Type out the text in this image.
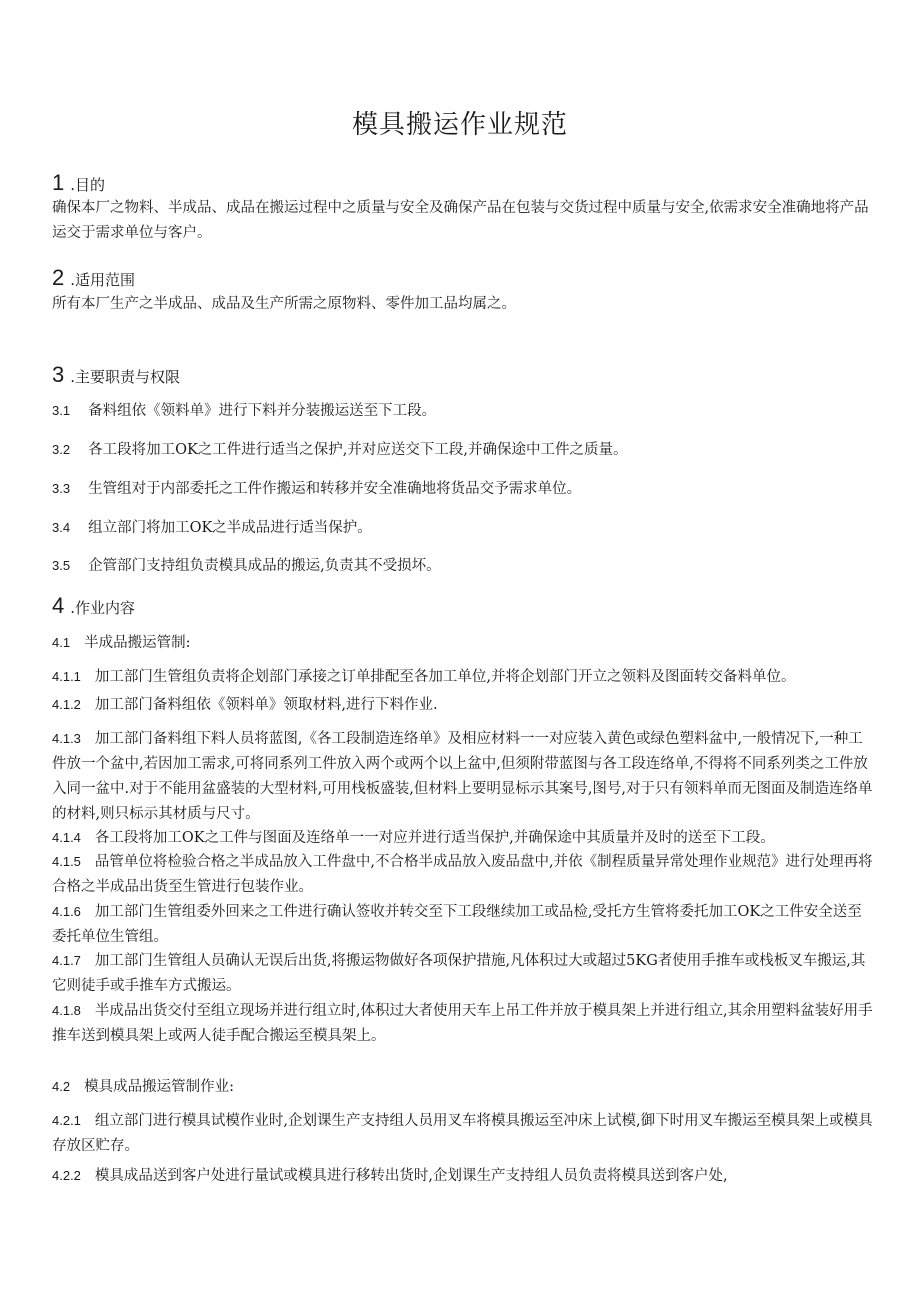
模具搬运作业规范
1 .目的
确保本厂之物料、半成品、成品在搬运过程中之质量与安全及确保产品在包装与交货过程中质量与安全,依需求安全准确地将产品运交于需求单位与客户。
2 .适用范围
所有本厂生产之半成品、成品及生产所需之原物料、零件加工品均属之。
3 .主要职责与权限
3.1 备料组依《领料单》进行下料并分装搬运送至下工段。
3.2 各工段将加工OK之工件进行适当之保护,并对应送交下工段,并确保途中工件之质量。
3.3 生管组对于内部委托之工件作搬运和转移并安全准确地将货品交予需求单位。
3.4 组立部门将加工OK之半成品进行适当保护。
3.5 企管部门支持组负责模具成品的搬运,负责其不受损坏。
4 .作业内容
4.1 半成品搬运管制:
4.1.1 加工部门生管组负责将企划部门承接之订单排配至各加工单位,并将企划部门开立之领料及图面转交备料单位。
4.1.2 加工部门备料组依《领料单》领取材料,进行下料作业.
4.1.3 加工部门备料组下料人员将蓝图,《各工段制造连络单》及相应材料一一对应装入黄色或绿色塑料盆中,一般情况下,一种工件放一个盆中,若因加工需求,可将同系列工件放入两个或两个以上盆中,但须附带蓝图与各工段连络单,不得将不同系列类之工件放入同一盆中.对于不能用盆盛装的大型材料,可用栈板盛装,但材料上要明显标示其案号,图号,对于只有领料单而无图面及制造连络单的材料,则只标示其材质与尺寸。
4.1.4 各工段将加工OK之工件与图面及连络单一一对应并进行适当保护,并确保途中其质量并及时的送至下工段。
4.1.5 品管单位将检验合格之半成品放入工件盘中,不合格半成品放入废品盘中,并依《制程质量异常处理作业规范》进行处理再将合格之半成品出货至生管进行包装作业。
4.1.6 加工部门生管组委外回来之工件进行确认签收并转交至下工段继续加工或品检,受托方生管将委托加工OK之工件安全送至委托单位生管组。
4.1.7 加工部门生管组人员确认无误后出货,将搬运物做好各项保护措施,凡体积过大或超过5KG者使用手推车或栈板叉车搬运,其它则徒手或手推车方式搬运。
4.1.8 半成品出货交付至组立现场并进行组立时,体积过大者使用天车上吊工件并放于模具架上并进行组立,其余用塑料盆装好用手推车送到模具架上或两人徒手配合搬运至模具架上。
4.2 模具成品搬运管制作业:
4.2.1 组立部门进行模具试模作业时,企划课生产支持组人员用叉车将模具搬运至冲床上试模,御下时用叉车搬运至模具架上或模具存放区贮存。
4.2.2 模具成品送到客户处进行量试或模具进行移转出货时,企划课生产支持组人员负责将模具送到客户处,
